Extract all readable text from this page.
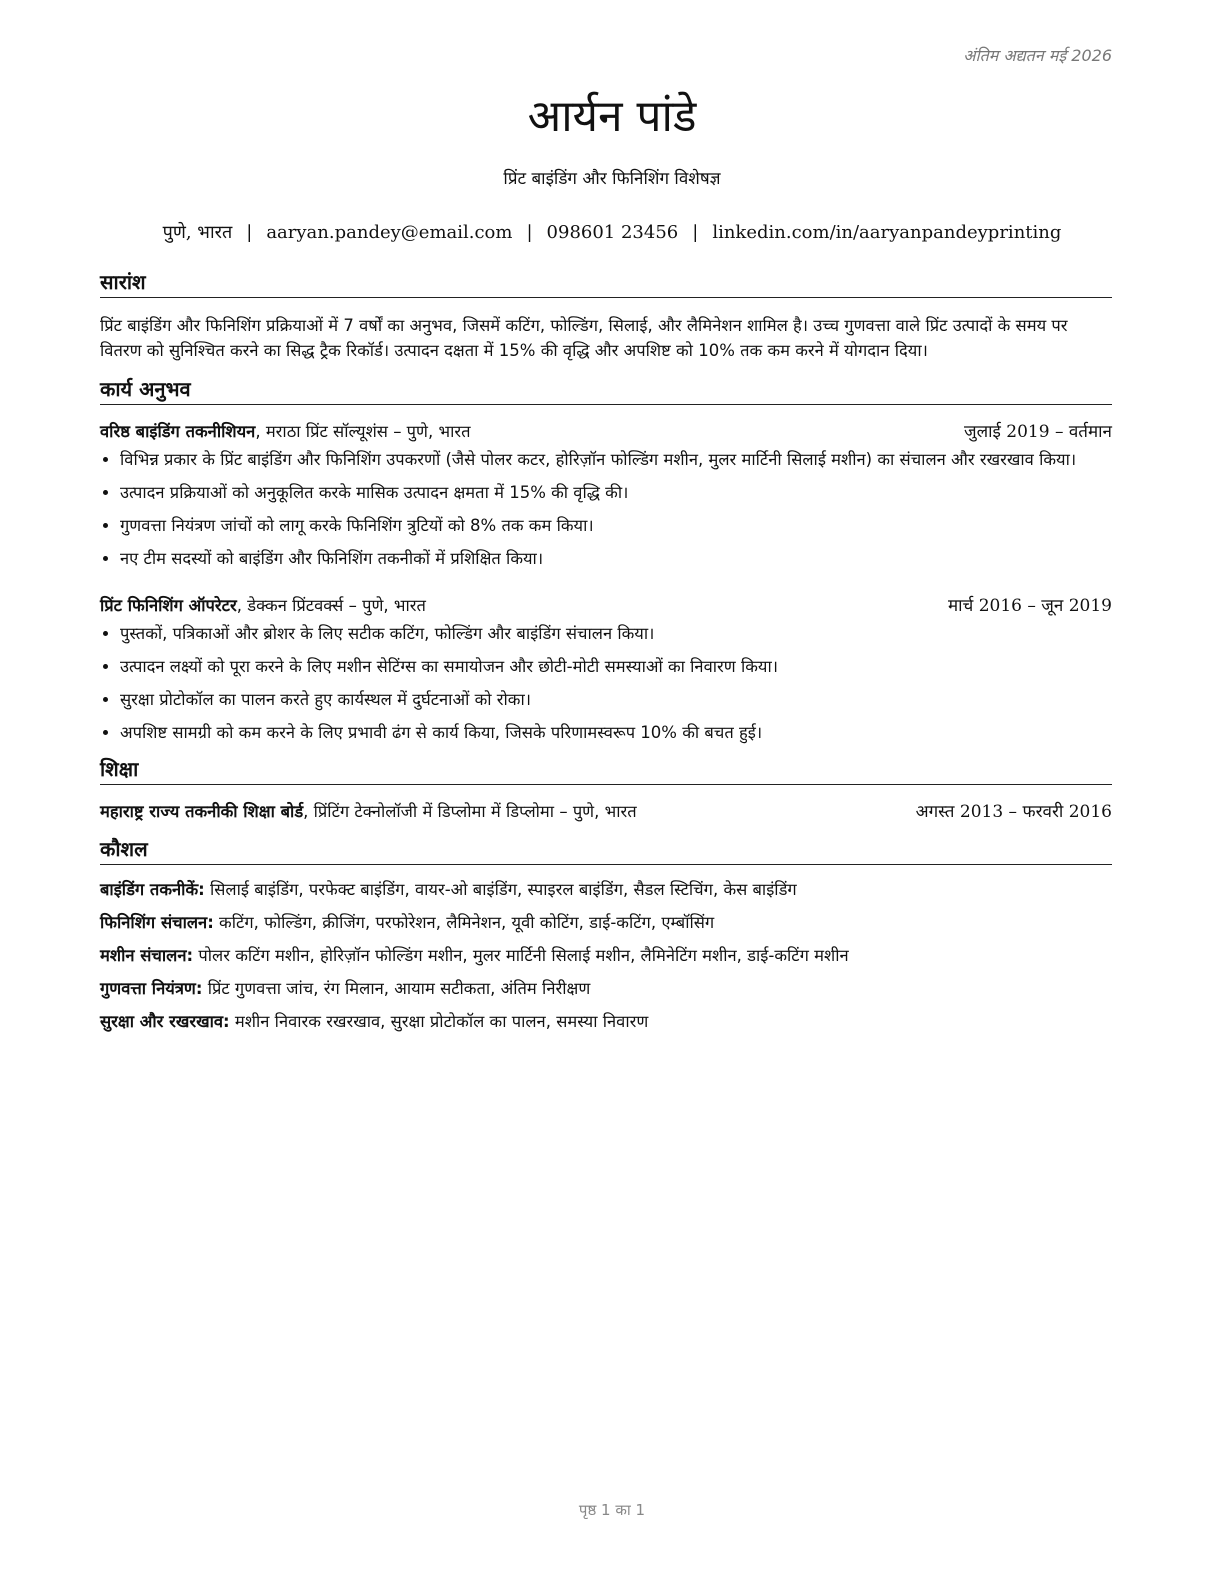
अंतिम अद्यतन मई 2026
आर्यन पांडे
प्रिंट बाइंडिंग और फिनिशिंग विशेषज्ञ
पुणे, भारत | aaryan.pandey@email.com | 098601 23456 | linkedin.com/in/aaryanpandeyprinting
सारांश

प्रिंट बाइंडिंग और फिनिशिंग प्रक्रियाओं में 7 वर्षों का अनुभव, जिसमें कटिंग, फोल्डिंग, सिलाई, और लैमिनेशन शामिल है। उच्च गुणवत्ता वाले प्रिंट उत्पादों के समय पर वितरण को सुनिश्चित करने का सिद्ध ट्रैक रिकॉर्ड। उत्पादन दक्षता में 15% की वृद्धि और अपशिष्ट को 10% तक कम करने में योगदान दिया।

कार्य अनुभव
वरिष्ठ बाइंडिंग तकनीशियन, मराठा प्रिंट सॉल्यूशंस – पुणे, भारत	जुलाई 2019 – वर्तमान
• विभिन्न प्रकार के प्रिंट बाइंडिंग और फिनिशिंग उपकरणों (जैसे पोलर कटर, होरिज़ॉन फोल्डिंग मशीन, मुलर मार्टिनी सिलाई मशीन) का संचालन और रखरखाव किया।
• उत्पादन प्रक्रियाओं को अनुकूलित करके मासिक उत्पादन क्षमता में 15% की वृद्धि की।
• गुणवत्ता नियंत्रण जांचों को लागू करके फिनिशिंग त्रुटियों को 8% तक कम किया।
• नए टीम सदस्यों को बाइंडिंग और फिनिशिंग तकनीकों में प्रशिक्षित किया।
प्रिंट फिनिशिंग ऑपरेटर, डेक्कन प्रिंटवर्क्स – पुणे, भारत	मार्च 2016 – जून 2019
• पुस्तकों, पत्रिकाओं और ब्रोशर के लिए सटीक कटिंग, फोल्डिंग और बाइंडिंग संचालन किया।
• उत्पादन लक्ष्यों को पूरा करने के लिए मशीन सेटिंग्स का समायोजन और छोटी-मोटी समस्याओं का निवारण किया।
• सुरक्षा प्रोटोकॉल का पालन करते हुए कार्यस्थल में दुर्घटनाओं को रोका।
• अपशिष्ट सामग्री को कम करने के लिए प्रभावी ढंग से कार्य किया, जिसके परिणामस्वरूप 10% की बचत हुई।
शिक्षा
महाराष्ट्र राज्य तकनीकी शिक्षा बोर्ड, प्रिंटिंग टेक्नोलॉजी में डिप्लोमा में डिप्लोमा – पुणे, भारत	अगस्त 2013 – फरवरी 2016
कौशल
बाइंडिंग तकनीकें: सिलाई बाइंडिंग, परफेक्ट बाइंडिंग, वायर-ओ बाइंडिंग, स्पाइरल बाइंडिंग, सैडल स्टिचिंग, केस बाइंडिंग
फिनिशिंग संचालन: कटिंग, फोल्डिंग, क्रीजिंग, परफोरेशन, लैमिनेशन, यूवी कोटिंग, डाई-कटिंग, एम्बॉसिंग
मशीन संचालन: पोलर कटिंग मशीन, होरिज़ॉन फोल्डिंग मशीन, मुलर मार्टिनी सिलाई मशीन, लैमिनेटिंग मशीन, डाई-कटिंग मशीन
गुणवत्ता नियंत्रण: प्रिंट गुणवत्ता जांच, रंग मिलान, आयाम सटीकता, अंतिम निरीक्षण
सुरक्षा और रखरखाव: मशीन निवारक रखरखाव, सुरक्षा प्रोटोकॉल का पालन, समस्या निवारण
पृष्ठ 1 का 1
